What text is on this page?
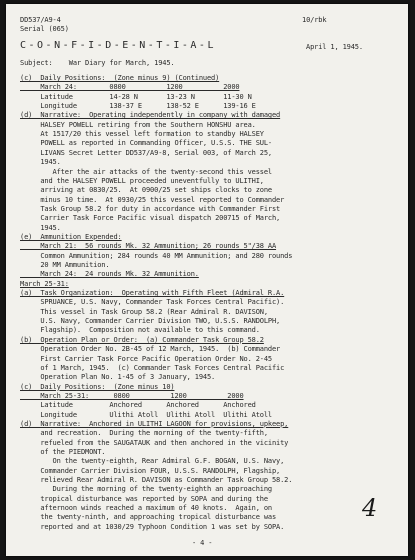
DD537/A9-4
Serial (065)
10/rbk
C-O-N-F-I-D-E-N-T-I-A-L	April 1, 1945.
Subject:    War Diary for March, 1945.
(c)  Daily Positions:  (Zone minus 9) (Continued)
March 24:        0800          1200          2000
Latitude         14-28 N       13-23 N       11-30 N
Longitude        138-37 E      138-52 E      139-16 E
(d)  Narrative:  Operating independently in company with damaged
HALSEY POWELL retiring from the Southern HONSHU area.
At 1517/20 this vessel left formation to standby HALSEY
POWELL as reported in Commanding Officer, U.S.S. THE SUL-
LIVANS Secret Letter DD537/A9-8, Serial 003, of March 25,
1945.
After the air attacks of the twenty-second this vessel
and the HALSEY POWELL proceeded uneventfully to ULITHI,
arriving at 0830/25.  At 0900/25 set ships clocks to zone
minus 10 time.  At 0930/25 this vessel reported to Commander
Task Group 58.2 for duty in accordance with Commander First
Carrier Task Force Pacific visual dispatch 200715 of March,
1945.
(e)  Ammunition Expended:
March 21:  56 rounds Mk. 32 Ammunition; 26 rounds 5"/38 AA
Common Ammunition; 284 rounds 40 MM Ammunition; and 280 rounds
20 MM Ammunition.
March 24:  24 rounds Mk. 32 Ammunition.
March 25-31:
(a)  Task Organization:  Operating with Fifth Fleet (Admiral R.A.
SPRUANCE, U.S. Navy, Commander Task Forces Central Pacific).
This vessel in Task Group 58.2 (Rear Admiral R. DAVISON,
U.S. Navy, Commander Carrier Division TWO, U.S.S. RANDOLPH,
Flagship).  Composition not available to this command.
(b)  Operation Plan or Order:  (a) Commander Task Group 58.2
Operation Order No. 2B-45 of 12 March, 1945.  (b) Commander
First Carrier Task Force Pacific Operation Order No. 2-45
of 1 March, 1945.  (c) Commander Task Forces Central Pacific
Operation Plan No. 1-45 of 3 January, 1945.
(c)  Daily Positions:  (Zone minus 10)
March 25-31:      0800          1200          2000
Latitude         Anchored      Anchored      Anchored
Longitude        Ulithi Atoll  Ulithi Atoll  Ulithi Atoll
(d)  Narrative:  Anchored in ULITHI LAGOON for provisions, upkeep,
and recreation.  During the morning of the twenty-fifth,
refueled from the SAUGATAUK and then anchored in the vicinity
of the PIEDMONT.
On the twenty-eighth, Rear Admiral G.F. BOGAN, U.S. Navy,
Commander Carrier Division FOUR, U.S.S. RANDOLPH, Flagship,
relieved Rear Admiral R. DAVISON as Commander Task Group 58.2.
During the morning of the twenty-eighth an approaching
tropical disturbance was reported by SOPA and during the
afternoon winds reached a maximum of 40 knots.  Again, on
the twenty-ninth, and approaching tropical disturbance was
reported and at 1030/29 Typhoon Condition 1 was set by SOPA.
- 4 -
4
